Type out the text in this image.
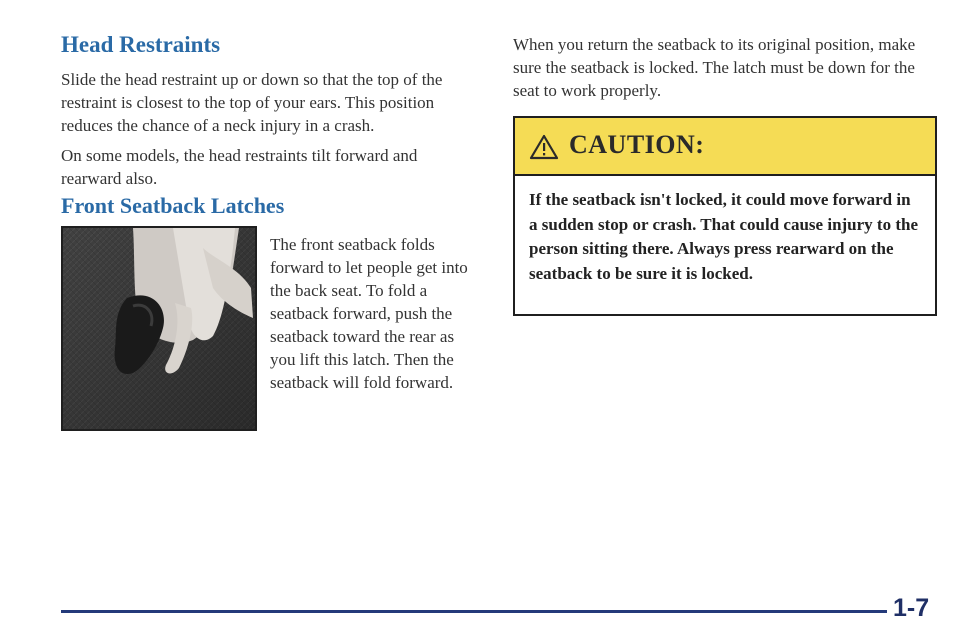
Head Restraints

Slide the head restraint up or down so that the top of the restraint is closest to the top of your ears. This position reduces the chance of a neck injury in a crash.

On some models, the head restraints tilt forward and rearward also.

Front Seatback Latches

The front seatback folds forward to let people get into the back seat. To fold a seatback forward, push the seatback toward the rear as you lift this latch. Then the seatback will fold forward.

When you return the seatback to its original position, make sure the seatback is locked. The latch must be down for the seat to work properly.

CAUTION:

If the seatback isn't locked, it could move forward in a sudden stop or crash. That could cause injury to the person sitting there. Always press rearward on the seatback to be sure it is locked.

1-7
